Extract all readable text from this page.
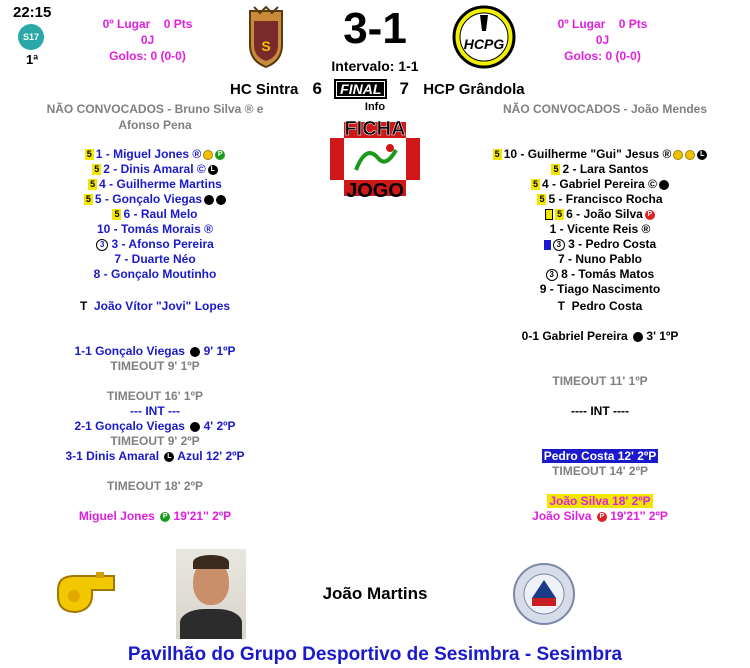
22:15
S17
1ª
0º Lugar 0 Pts
0J
Golos: 0 (0-0)
S	3-1
Intervalo: 1-1
HCPG
0º Lugar 0 Pts
0J
Golos: 0 (0-0)
HC Sintra 6 FINAL 7 HCP Grândola
Info
FICHA
JOGO
NÃO CONVOCADOS - Bruno Silva ® e
Afonso Pena
NÃO CONVOCADOS - João Mendes
5 1 - Miguel Jones ® P
5 2 - Dinis Amaral © L
5 4 - Guilherme Martins
5 5 - Gonçalo Viegas
5 6 - Raul Melo
10 - Tomás Morais ®
3 3 - Afonso Pereira
7 - Duarte Néo
8 - Gonçalo Moutinho
T João Vítor "Jovi" Lopes
5 10 - Guilherme "Gui" Jesus ®	L
5 2 - Lara Santos
5 4 - Gabriel Pereira ©
5 5 - Francisco Rocha
5 6 - João Silva P
1 - Vicente Reis ®
3 3 - Pedro Costa
7 - Nuno Pablo
3 8 - Tomás Matos
9 - Tiago Nascimento
T Pedro Costa
1-1 Gonçalo Viegas 9' 1ºP
TIMEOUT 9' 1ºP
TIMEOUT 16' 1ºP
--- INT ---
2-1 Gonçalo Viegas 4' 2ºP
TIMEOUT 9' 2ºP
3-1 Dinis Amaral L Azul 12' 2ºP
TIMEOUT 18' 2ºP
Miguel Jones P 19'21'' 2ºP
0-1 Gabriel Pereira 3' 1ºP
TIMEOUT 11' 1ºP
---- INT ----
Pedro Costa 12' 2ºP
TIMEOUT 14' 2ºP
João Silva 18' 2ºP
João Silva P 19'21'' 2ºP
João Martins
Pavilhão do Grupo Desportivo de Sesimbra - Sesimbra
